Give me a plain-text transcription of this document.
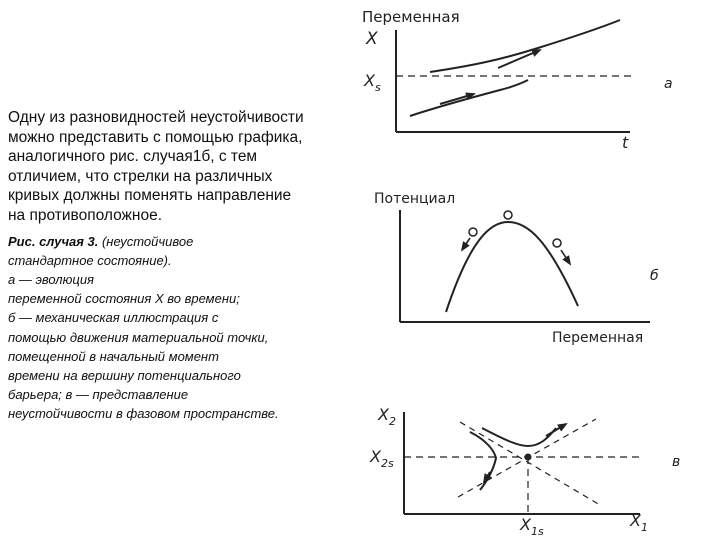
Одну из разновидностей неустойчивости
можно представить с помощью графика,
аналогичного рис. случая1б, с тем
отличием, что стрелки на различных
кривых должны поменять направление
на противоположное.

Рис. случая 3. (неустойчивое
стандартное состояние).
а — эволюция
переменной состояния X во времени;
б — механическая иллюстрация с
помощью движения материальной точки,
помещенной в начальный момент
времени на вершину потенциального
барьера; в — представление
неустойчивости в фазовом пространстве.
Переменная
X
$X_s$
t
а
Потенциал
Переменная
б
$X_2$
$X_{2s}$
$X_{1s}$
$X_1$
в
